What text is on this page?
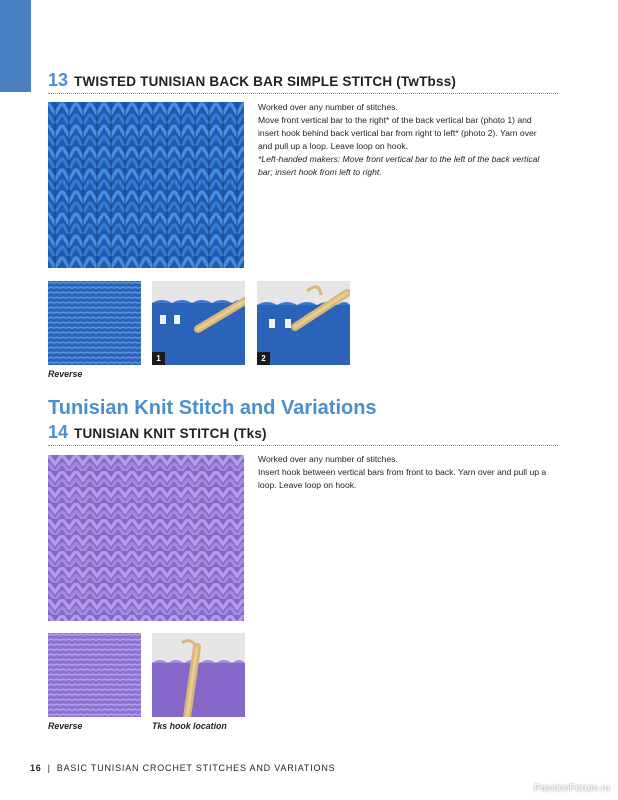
13 TWISTED TUNISIAN BACK BAR SIMPLE STITCH (TwTbss)

Worked over any number of stitches.

Move front vertical bar to the right* of the back vertical bar (photo 1) and insert hook behind back vertical bar from right to left* (photo 2). Yarn over and pull up a loop. Leave loop on hook.

*Left-handed makers: Move front vertical bar to the left of the back vertical bar; insert hook from left to right.

1	2
Reverse
Tunisian Knit Stitch and Variations
14 TUNISIAN KNIT STITCH (Tks)

Worked over any number of stitches.

Insert hook between vertical bars from front to back. Yarn over and pull up a loop. Leave loop on hook.

Reverse	Tks hook location
16 | BASIC TUNISIAN CROCHET STITCHES AND VARIATIONS
PassionForum.ru
